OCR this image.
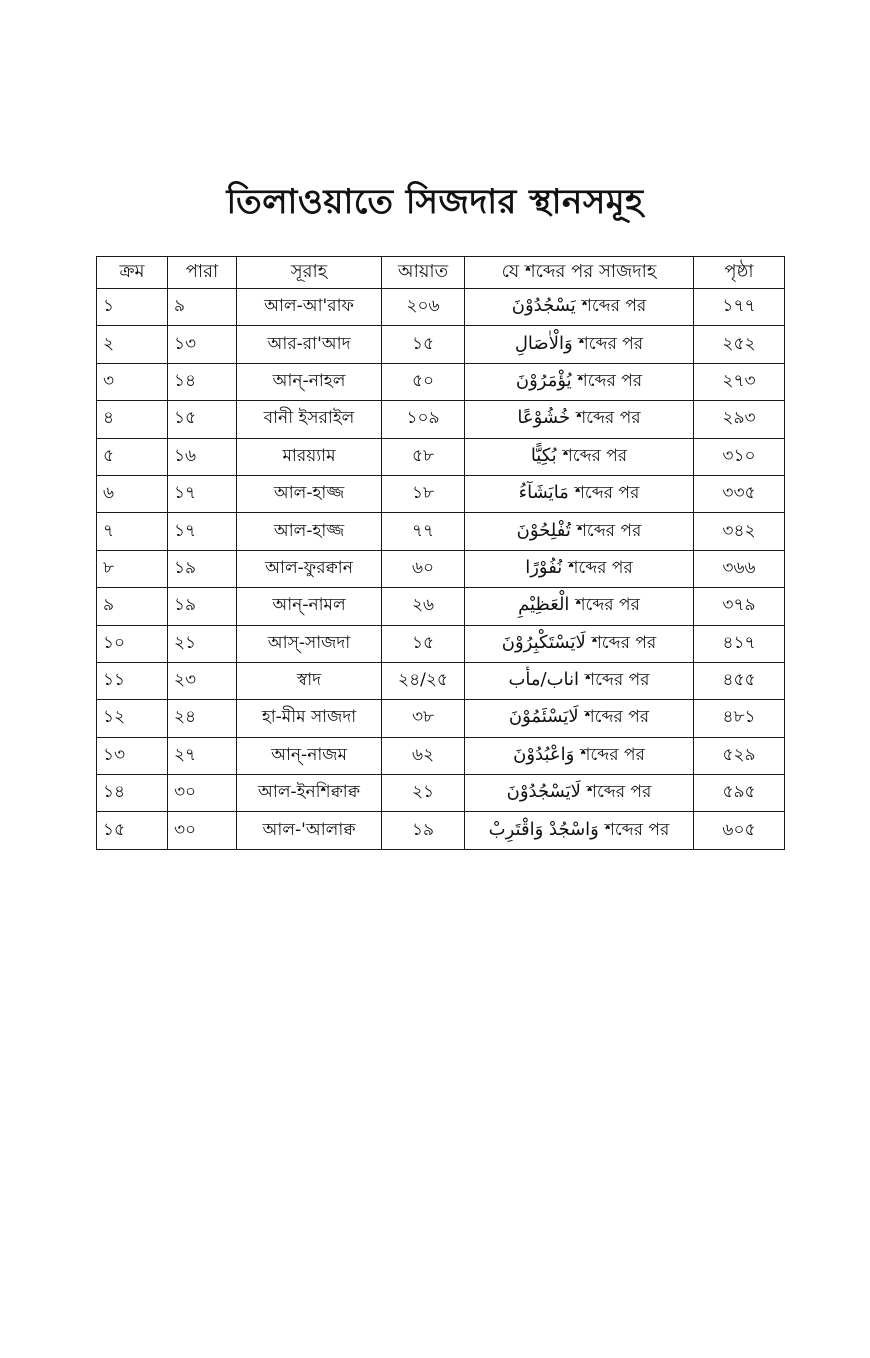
তিলাওয়াতে সিজদার স্থানসমূহ
ক্রম	পারা	সূরাহ	আয়াত	যে শব্দের পর সাজদাহ	পৃষ্ঠা
১	৯	আল-আ'রাফ	২০৬	يَسْجُدُوْنَ শব্দের পর	১৭৭
২	১৩	আর-রা'আদ	১৫	وَالْاٰصَالِ শব্দের পর	২৫২
৩	১৪	আন্-নাহল	৫০	يُؤْمَرُوْنَ শব্দের পর	২৭৩
৪	১৫	বানী ইসরাইল	১০৯	خُشُوْعًا শব্দের পর	২৯৩
৫	১৬	মারয়্যাম	৫৮	بُكِيًّا শব্দের পর	৩১০
৬	১৭	আল-হাজ্জ	১৮	مَايَشَآءُ শব্দের পর	৩৩৫
৭	১৭	আল-হাজ্জ	৭৭	تُفْلِحُوْنَ শব্দের পর	৩৪২
৮	১৯	আল-ফুরক্বান	৬০	نُفُوْرًا শব্দের পর	৩৬৬
৯	১৯	আন্-নামল	২৬	الْعَظِيْمِ শব্দের পর	৩৭৯
১০	২১	আস্-সাজদা	১৫	لَايَسْتَكْبِرُوْنَ শব্দের পর	৪১৭
১১	২৩	স্বাদ	২৪/২৫	اناب/مأب শব্দের পর	৪৫৫
১২	২৪	হা-মীম সাজদা	৩৮	لَايَسْئَمُوْنَ শব্দের পর	৪৮১
১৩	২৭	আন্-নাজম	৬২	وَاعْبُدُوْنَ শব্দের পর	৫২৯
১৪	৩০	আল-ইনশিক্বাক্ব	২১	لَايَسْجُدُوْنَ শব্দের পর	৫৯৫
১৫	৩০	আল-'আলাক্ব	১৯	وَاسْجُدْ وَاقْتَرِبْ শব্দের পর	৬০৫
